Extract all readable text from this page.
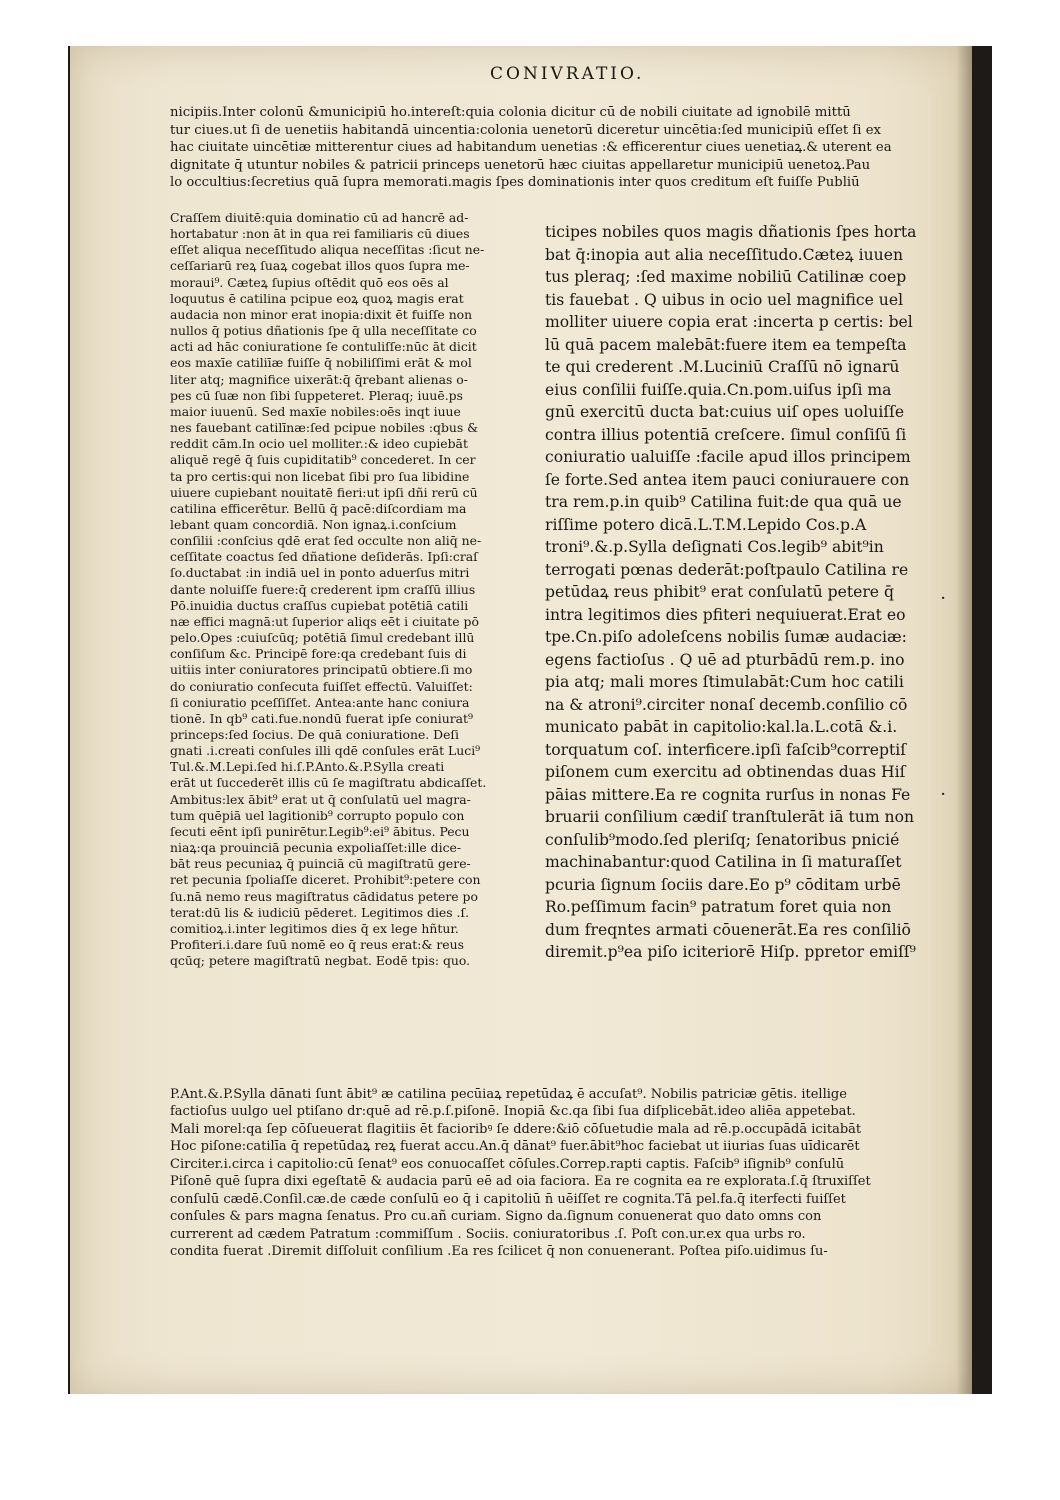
CONIVRATIO.
nicipiis.Inter colonū &municipiū ho.intereſt:quia colonia dicitur cū de nobili ciuitate ad ignobilē mittū
tur ciues.ut ſi de uenetiis habitandā uincentia:colonia uenetorū diceretur uincētia:ſed municipiū eſſet ſi ex
hac ciuitate uincētiæ mitterentur ciues ad habitandum uenetias :& efficerentur ciues uenetiaꝝ.& uterent ea
dignitate q̄ utuntur nobiles & patricii princeps uenetorū hæc ciuitas appellaretur municipiū uenetoꝝ.Pau
lo occultius:ſecretius quā ſupra memorati.magis ſpes dominationis inter quos creditum eſt fuiſſe Publiū
Craſſem diuitē:quia dominatio cū ad hancrē ad-
hortabatur :non āt in qua rei familiaris cū diues
eſſet aliqua neceſſitudo aliqua neceſſitas :ſicut ne-
ceſſariarū reꝝ ſuaꝝ cogebat illos quos ſupra me-
moraui⁹. Cæteꝝ ſupius oſtēdit quō eos oēs al
loquutus ē catilina pcipue eoꝝ quoꝝ magis erat
audacia non minor erat inopia:dixit ēt fuiſſe non
nullos q̄ potius dñationis ſpe q̄ ulla neceſſitate co
acti ad hāc coniuratione ſe contuliſſe:nūc āt dicit
eos maxīe catiliīæ fuiſſe q̄ nobiliſſimi erāt & mol
liter atq; magnifice uixerāt:q̄ q̄rebant alienas o-
pes cū ſuæ non ſibi ſuppeteret. Pleraq; iuuē.ps
maior iuuenū. Sed maxīe nobiles:oēs inqt iuue
nes fauebant catilīnæ:ſed pcipue nobiles :qbus &
reddit cām.In ocio uel molliter.:& ideo cupiebāt
aliquē regē q̄ ſuis cupiditatib⁹ concederet. In cer
ta pro certis:qui non licebat ſibi pro ſua libidine
uiuere cupiebant nouitatē fieri:ut ipſi dñi rerū cū
catilina efficerētur. Bellū q̄ pacē:diſcordiam ma
lebant quam concordiā. Non ignaꝝ.i.conſcium
conſilii :conſcius qdē erat ſed occulte non aliq̄ ne-
ceſſitate coactus ſed dñatione deſiderās. Ipſi:craſ
ſo.ductabat :in indiā uel in ponto aduerſus mitri
dante noluiſſe fuere:q̄ crederent ipm craſſū illius
Pō.inuidia ductus craſſus cupiebat potētiā catili
næ effici magnā:ut ſuperior aliqs eēt i ciuitate pō
pelo.Opes :cuiuſcūq; potētiā ſimul credebant illū
conſiſum &c. Principē fore:qa credebant ſuis di
uitiis inter coniuratores principatū obtiere.ſi mo
do coniuratio conſecuta fuiſſet effectū. Valuiſſet:
ſi coniuratio pceſſiſſet. Antea:ante hanc coniura
tionē. In qb⁹ cati.fue.nondū fuerat ipſe coniurat⁹
princeps:ſed ſocius. De quā coniuratione. Deſi
gnati .i.creati conſules illi qdē conſules erāt Luci⁹
Tul.&.M.Lepi.ſed hi.ſ.P.Anto.&.P.Sylla creati
erāt ut ſuccederēt illis cū ſe magiſtratu abdicaſſet.
Ambitus:lex ābit⁹ erat ut q̄ conſulatū uel magra-
tum quēpiā uel lagitionib⁹ corrupto populo con
ſecuti eēnt ipſi punirētur.Legib⁹:ei⁹ ābitus. Pecu
niaꝝ:qa prouinciā pecunia expoliaſſet:ille dice-
bāt reus pecuniaꝝ q̄ puinciā cū magiſtratū gere-
ret pecunia ſpoliaſſe diceret. Prohibit⁹:petere con
ſu.nā nemo reus magiſtratus cādidatus petere po
terat:dū lis & iudiciū pēderet. Legitimos dies .ſ.
comitioꝝ.i.inter legitimos dies q̄ ex lege hñtur.
Profiteri.i.dare ſuū nomē eo q̄ reus erat:& reus
qcūq; petere magiſtratū negbat. Eodē tpis: quo.
ticipes nobiles quos magis dñationis ſpes horta
bat q̄:inopia aut alia neceſſitudo.Cæteꝝ iuuen
tus pleraq; :ſed maxime nobiliū Catilinæ coep
tis fauebat . Q uibus in ocio uel magnifice uel
molliter uiuere copia erat :incerta p certis: bel
lū quā pacem malebāt:fuere item ea tempeſta
te qui crederent .M.Luciniū Craſſū nō ignarū
eius conſilii fuiſſe.quia.Cn.pom.uiſus ipſi ma
gnū exercitū ducta bat:cuius uiſ opes uoluiſſe
contra illius potentiā creſcere. ſimul conſiſū ſi
coniuratio ualuiſſe :facile apud illos principem
ſe forte.Sed antea item pauci coniurauere con
tra rem.p.in quib⁹ Catilina fuit:de qua quā ue
riſſime potero dicā.L.T.M.Lepido Cos.p.A
troni⁹.&.p.Sylla deſignati Cos.legib⁹ abit⁹in
terrogati pœnas dederāt:poſtpaulo Catilina re
petūdaꝝ reus phibit⁹ erat conſulatū petere q̄
intra legitimos dies pfiteri nequiuerat.Erat eo
tpe.Cn.piſo adoleſcens nobilis ſumæ audaciæ:
egens factioſus . Q uē ad pturbādū rem.p. ino
pia atq; mali mores ſtimulabāt:Cum hoc catili
na & atroni⁹.circiter nonaſ decemb.conſilio cō
municato pabāt in capitolio:kal.la.L.cotā &.i.
torquatum coſ. interficere.ipſi faſcib⁹correptiſ
piſonem cum exercitu ad obtinendas duas Hiſ
pāias mittere.Ea re cognita rurſus in nonas Fe
bruarii conſilium cædiſ tranſtulerāt iā tum non
conſulib⁹modo.ſed pleriſq; ſenatoribus pnicié
machinabantur:quod Catilina in ſi maturaſſet
pcuria ſignum ſociis dare.Eo p⁹ cōditam urbē
Ro.peſſimum facin⁹ patratum foret quia non
dum freqntes armati cōuenerāt.Ea res conſiliō
diremit.p⁹ea piſo iciteriorē Hiſp. ppretor emiſſ⁹
P.Ant.&.P.Sylla dānati ſunt ābit⁹ æ catilina pecūiaꝝ repetūdaꝝ ē accuſat⁹. Nobilis patriciæ gētis. itellige
factioſus uulgo uel ptiſano dr:quē ad rē.p.ſ.piſonē. Inopiā &c.qa ſibi ſua diſplicebāt.ideo aliēa appetebat.
Mali morel:qa ſep cōſueuerat flagitiis ēt facioribꝰ ſe ddere:&iō cōſuetudie mala ad rē.p.occupādā icitabāt
Hoc piſone:catilīa q̄ repetūdaꝝ reꝝ fuerat accu.An.q̄ dānat⁹ fuer.ābit⁹hoc faciebat ut iiurias ſuas uīdicarēt
Circiter.i.circa i capitolio:cū ſenat⁹ eos conuocaſſet cōſules.Correp.rapti captis. Faſcib⁹ iſignib⁹ conſulū
Piſonē quē ſupra dixi egeſtatē & audacia parū eē ad oia faciora. Ea re cognita ea re explorata.ſ.q̄ ſtruxiſſet
conſulū cædē.Conſil.cæ.de cæde conſulū eo q̄ i capitoliū n̄ uēiſſet re cognita.Tā pel.fa.q̄ iterfecti fuiſſet
conſules & pars magna ſenatus. Pro cu.añ curiam. Signo da.ſignum conuenerat quo dato omns con
currerent ad cædem Patratum :commiſſum . Sociis. coniuratoribus .ſ. Poſt con.ur.ex qua urbs ro.
condita fuerat .Diremit diſſoluit conſilium .Ea res ſcilicet q̄ non conuenerant. Poſtea piſo.uidimus ſu-
·
·
